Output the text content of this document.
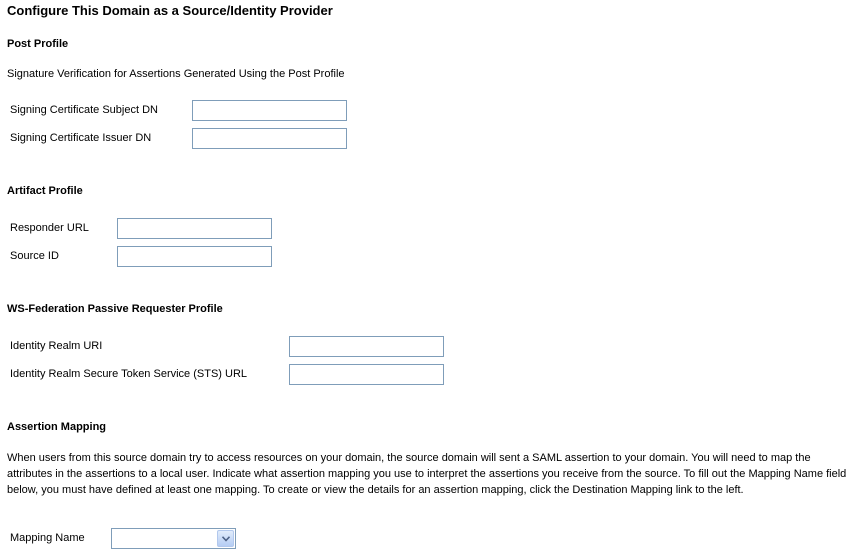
Configure This Domain as a Source/Identity Provider
Post Profile
Signature Verification for Assertions Generated Using the Post Profile
Signing Certificate Subject DN
Signing Certificate Issuer DN
Artifact Profile
Responder URL
Source ID
WS-Federation Passive Requester Profile
Identity Realm URI
Identity Realm Secure Token Service (STS) URL
Assertion Mapping
When users from this source domain try to access resources on your domain, the source domain will sent a SAML assertion to your domain. You will need to map the attributes in the assertions to a local user. Indicate what assertion mapping you use to interpret the assertions you receive from the source. To fill out the Mapping Name field below, you must have defined at least one mapping. To create or view the details for an assertion mapping, click the Destination Mapping link to the left.
Mapping Name
